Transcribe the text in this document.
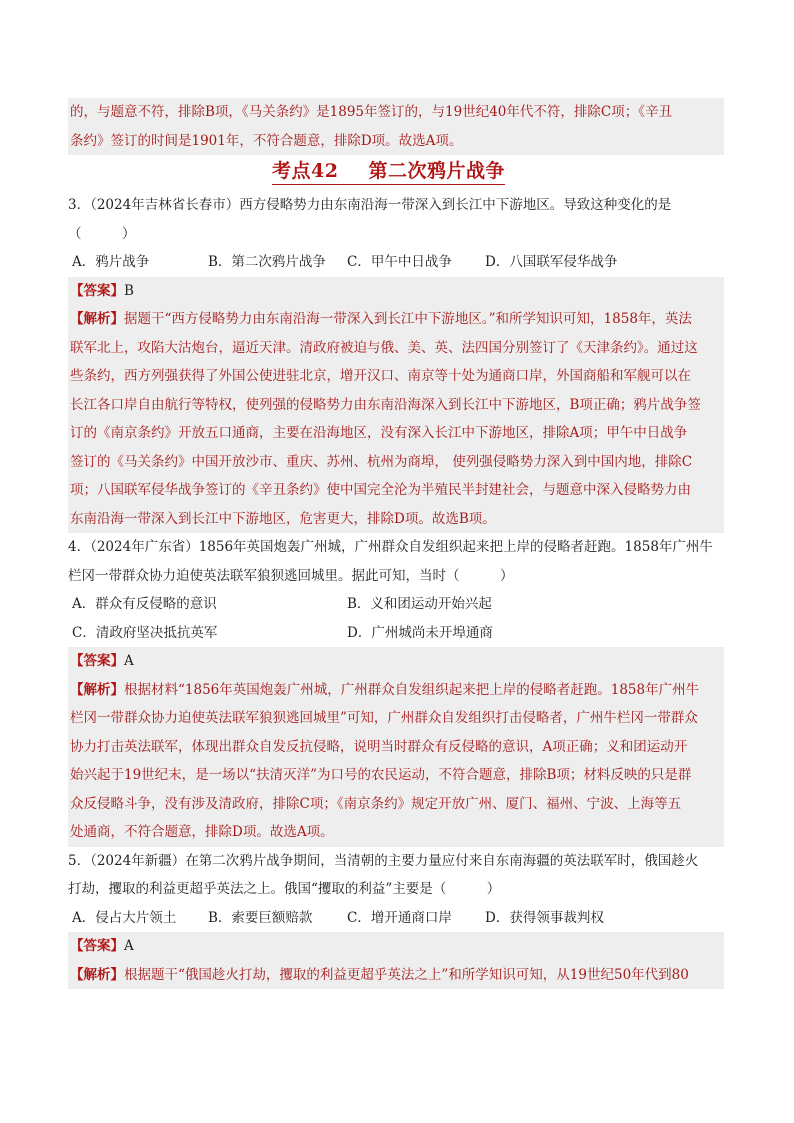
的，与题意不符，排除B项，《马关条约》是1895年签订的，与19世纪40年代不符，排除C项；《辛丑
条约》签订的时间是1901年，不符合题意，排除D项。故选A项。
考点42 第二次鸦片战争
3．（2024年吉林省长春市）西方侵略势力由东南沿海一带深入到长江中下游地区。导致这种变化的是
（　　　）
A．鸦片战争	B．第二次鸦片战争 C．甲午中日战争 D．八国联军侵华战争
【答案】B
【解析】据题干“西方侵略势力由东南沿海一带深入到长江中下游地区。”和所学知识可知，1858年，英法
联军北上，攻陷大沽炮台，逼近天津。清政府被迫与俄、美、英、法四国分别签订了《天津条约》。通过这
些条约，西方列强获得了外国公使进驻北京，增开汉口、南京等十处为通商口岸，外国商船和军舰可以在
长江各口岸自由航行等特权，使列强的侵略势力由东南沿海深入到长江中下游地区，B项正确；鸦片战争签
订的《南京条约》开放五口通商，主要在沿海地区，没有深入长江中下游地区，排除A项；甲午中日战争
签订的《马关条约》中国开放沙市、重庆、苏州、杭州为商埠， 使列强侵略势力深入到中国内地，排除C
项；八国联军侵华战争签订的《辛丑条约》使中国完全沦为半殖民半封建社会，与题意中深入侵略势力由
东南沿海一带深入到长江中下游地区，危害更大，排除D项。故选B项。
4．（2024年广东省）1856年英国炮轰广州城，广州群众自发组织起来把上岸的侵略者赶跑。1858年广州牛
栏冈一带群众协力迫使英法联军狼狈逃回城里。据此可知，当时（　　　）
A．群众有反侵略的意识	B．义和团运动开始兴起
C．清政府坚决抵抗英军	D．广州城尚未开埠通商
【答案】A
【解析】根据材料“1856年英国炮轰广州城，广州群众自发组织起来把上岸的侵略者赶跑。1858年广州牛
栏冈一带群众协力迫使英法联军狼狈逃回城里”可知，广州群众自发组织打击侵略者，广州牛栏冈一带群众
协力打击英法联军，体现出群众自发反抗侵略，说明当时群众有反侵略的意识，A项正确；义和团运动开
始兴起于19世纪末，是一场以“扶清灭洋”为口号的农民运动，不符合题意，排除B项；材料反映的只是群
众反侵略斗争，没有涉及清政府，排除C项；《南京条约》规定开放广州、厦门、福州、宁波、上海等五
处通商，不符合题意，排除D项。故选A项。
5．（2024年新疆）在第二次鸦片战争期间，当清朝的主要力量应付来自东南海疆的英法联军时，俄国趁火
打劫，攫取的利益更超乎英法之上。俄国“攫取的利益”主要是（　　　）
A．侵占大片领土 B．索要巨额赔款	C．增开通商口岸 D．获得领事裁判权
【答案】A
【解析】根据题干“俄国趁火打劫，攫取的利益更超乎英法之上”和所学知识可知，从19世纪50年代到80
